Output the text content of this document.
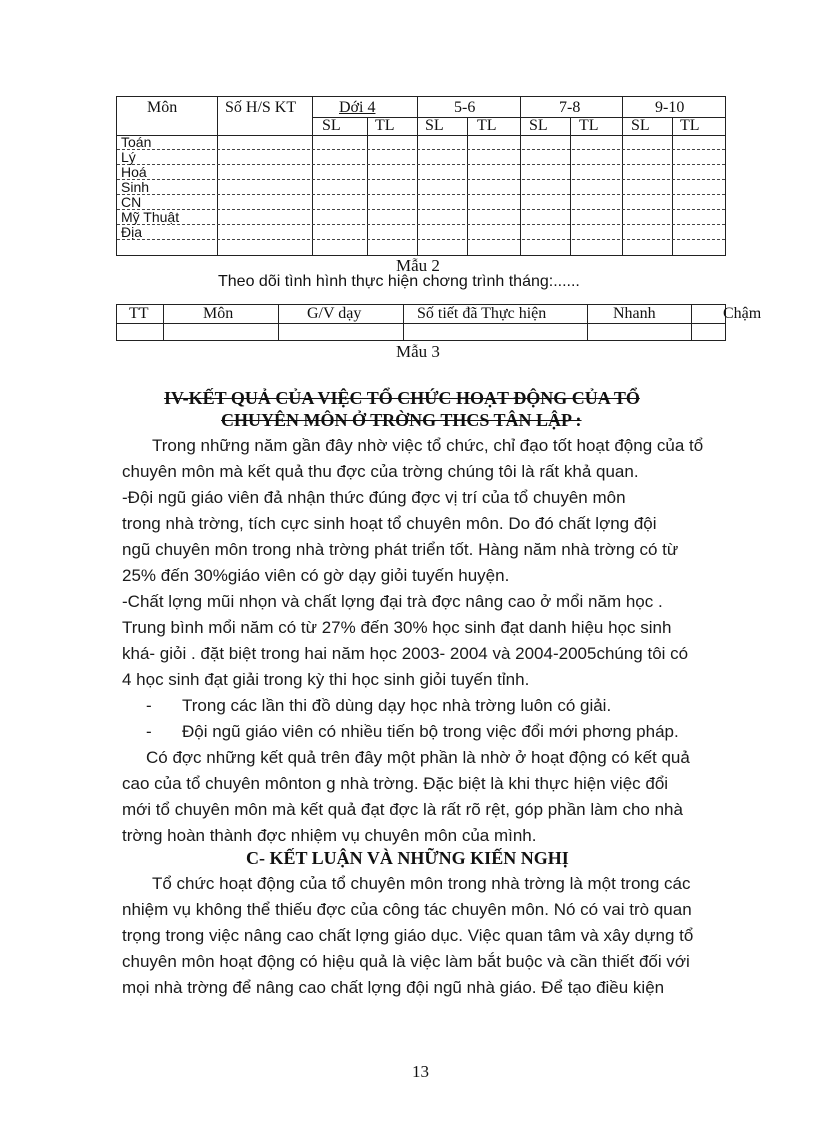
Môn	Số H/S KT	Dới 4	5-6	7-8	9-10
SL TL SL TL SL TL SL TL
Toán
Lý
Hoá
Sinh
CN
Mỹ Thuật
Địa
Mẫu 2
Theo dõi tình hình thực hiện chơng trình tháng:......
TT	Môn	G/V dạy	Số tiết đã Thực hiện	Nhanh	Chậm
Mẫu 3
IV-KẾT QUẢ CỦA VIỆC TỔ CHỨC HOẠT ĐỘNG CỦA TỔ
CHUYÊN MÔN Ở TRỜNG THCS TÂN LẬP :
Trong những năm gần đây nhờ việc tổ chức, chỉ đạo tốt hoạt động của tổ
chuyên môn mà kết quả thu đợc của trờng chúng tôi là rất khả quan.
-Đội ngũ giáo viên đả nhận thức đúng đợc vị trí của tổ chuyên môn
trong nhà trờng, tích cực sinh hoạt tổ chuyên môn. Do đó chất lợng đội
ngũ chuyên môn trong nhà trờng phát triển tốt. Hàng năm nhà trờng có từ
25% đến 30%giáo viên có gờ dạy giỏi tuyến huyện.
-Chất lợng mũi nhọn và chất lợng đại trà đợc nâng cao ở mổi năm học .
Trung bình mổi năm có từ 27% đến 30% học sinh đạt danh hiệu học sinh
khá- giỏi . đặt biệt trong hai năm học 2003- 2004 và 2004-2005chúng tôi có
4 học sinh đạt giải trong kỳ thi học sinh giỏi tuyến tỉnh.
- Trong các lần thi đồ dùng dạy học nhà trờng luôn có giải.
- Đội ngũ giáo viên có nhiều tiến bộ trong việc đổi mới phơng pháp.
Có đợc những kết quả trên đây một phần là nhờ ở hoạt động có kết quả
cao của tổ chuyên mônton g nhà trờng. Đặc biệt là khi thực hiện việc đổi
mới tổ chuyên môn mà kết quả đạt đợc là rất rõ rệt, góp phần làm cho nhà
trờng hoàn thành đợc nhiệm vụ chuyên môn của mình.
C- KẾT LUẬN VÀ NHỮNG KIẾN NGHỊ
Tổ chức hoạt động của tổ chuyên môn trong nhà trờng là một trong các
nhiệm vụ không thể thiếu đợc của công tác chuyên môn. Nó có vai trò quan
trọng trong việc nâng cao chất lợng giáo dục. Việc quan tâm và xây dựng tổ
chuyên môn hoạt động có hiệu quả là việc làm bắt buộc và cần thiết đối với
mọi nhà trờng để nâng cao chất lợng đội ngũ nhà giáo. Để tạo điều kiện
13
